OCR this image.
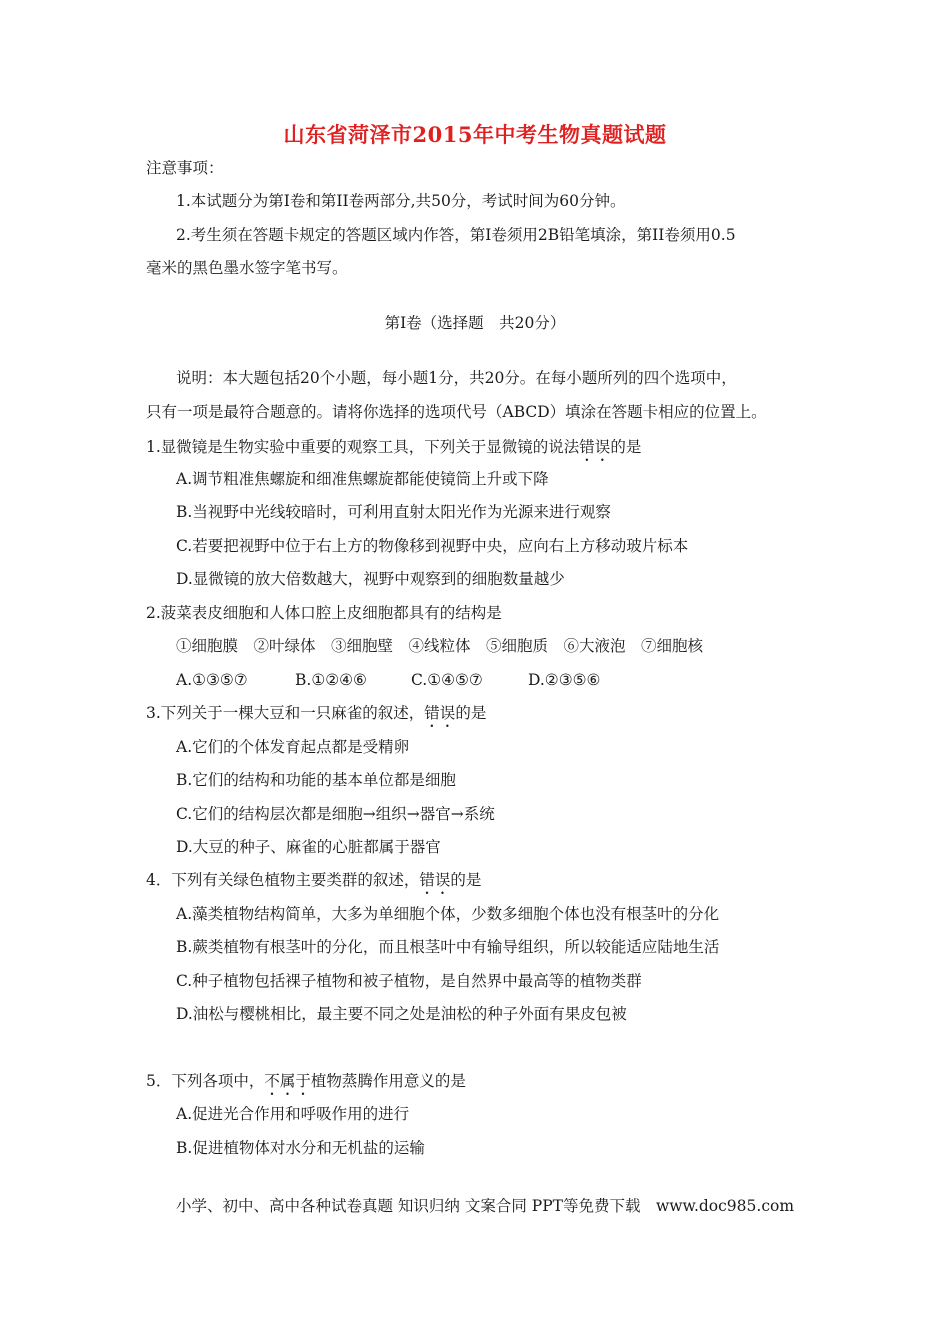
山东省菏泽市2015年中考生物真题试题
注意事项：
1.本试题分为第Ⅰ卷和第II卷两部分,共50分，考试时间为60分钟。
2.考生须在答题卡规定的答题区域内作答，第Ⅰ卷须用2B铅笔填涂，第II卷须用0.5
毫米的黑色墨水签字笔书写。
第Ⅰ卷（选择题　共20分）
说明：本大题包括20个小题，每小题1分，共20分。在每小题所列的四个选项中，
只有一项是最符合题意的。请将你选择的选项代号（ABCD）填涂在答题卡相应的位置上。
1.显微镜是生物实验中重要的观察工具，下列关于显微镜的说法错误的是
A.调节粗准焦螺旋和细准焦螺旋都能使镜筒上升或下降
B.当视野中光线较暗时，可利用直射太阳光作为光源来进行观察
C.若要把视野中位于右上方的物像移到视野中央，应向右上方移动玻片标本
D.显微镜的放大倍数越大，视野中观察到的细胞数量越少
2.菠菜表皮细胞和人体口腔上皮细胞都具有的结构是
①细胞膜　②叶绿体　③细胞壁　④线粒体　⑤细胞质　⑥大液泡　⑦细胞核
A.①③⑤⑦	B.①②④⑥	C.①④⑤⑦	D.②③⑤⑥
3.下列关于一棵大豆和一只麻雀的叙述，错误的是
A.它们的个体发育起点都是受精卵
B.它们的结构和功能的基本单位都是细胞
C.它们的结构层次都是细胞→组织→器官→系统
D.大豆的种子、麻雀的心脏都属于器官
4．下列有关绿色植物主要类群的叙述，错误的是
A.藻类植物结构简单，大多为单细胞个体，少数多细胞个体也没有根茎叶的分化
B.蕨类植物有根茎叶的分化，而且根茎叶中有输导组织，所以较能适应陆地生活
C.种子植物包括裸子植物和被子植物，是自然界中最高等的植物类群
D.油松与樱桃相比，最主要不同之处是油松的种子外面有果皮包被
5．下列各项中，不属于植物蒸腾作用意义的是
A.促进光合作用和呼吸作用的进行
B.促进植物体对水分和无机盐的运输
小学、初中、高中各种试卷真题 知识归纳 文案合同 PPT等免费下载　www.doc985.com
